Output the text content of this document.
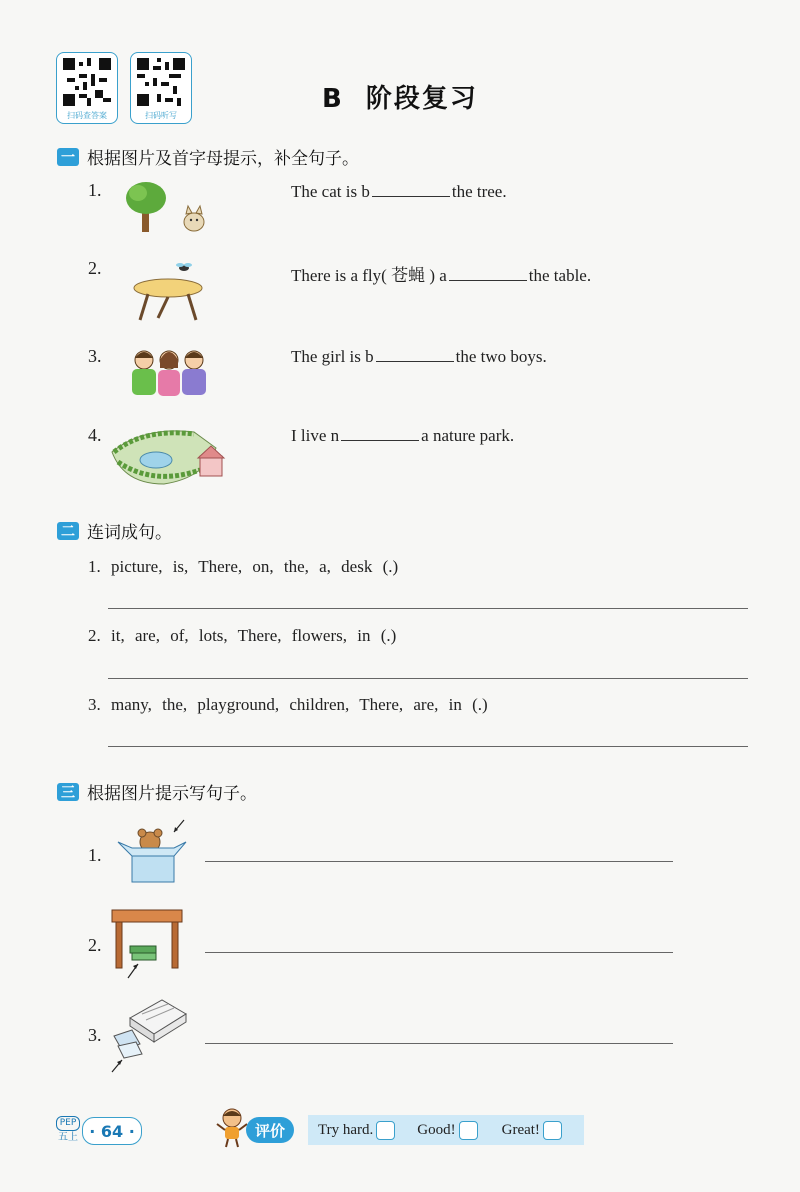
扫码查答案	扫码听写
B 阶段复习
一 根据图片及首字母提示，补全句子。
1.	The cat is b	the tree.
2.	There is a fly( 苍蝇 ) a	the table.
3.	The girl is b	the two boys.
4.	I live n	a nature park.
二 连词成句。
1. picture, is, There, on, the, a, desk (.)
2. it, are, of, lots, There, flowers, in (.)
3. many, the, playground, children, There, are, in (.)
三 根据图片提示写句子。
1.
2.
3.
PEP
五上 · 64 ·	评价	Try hard.	Good!	Great!
